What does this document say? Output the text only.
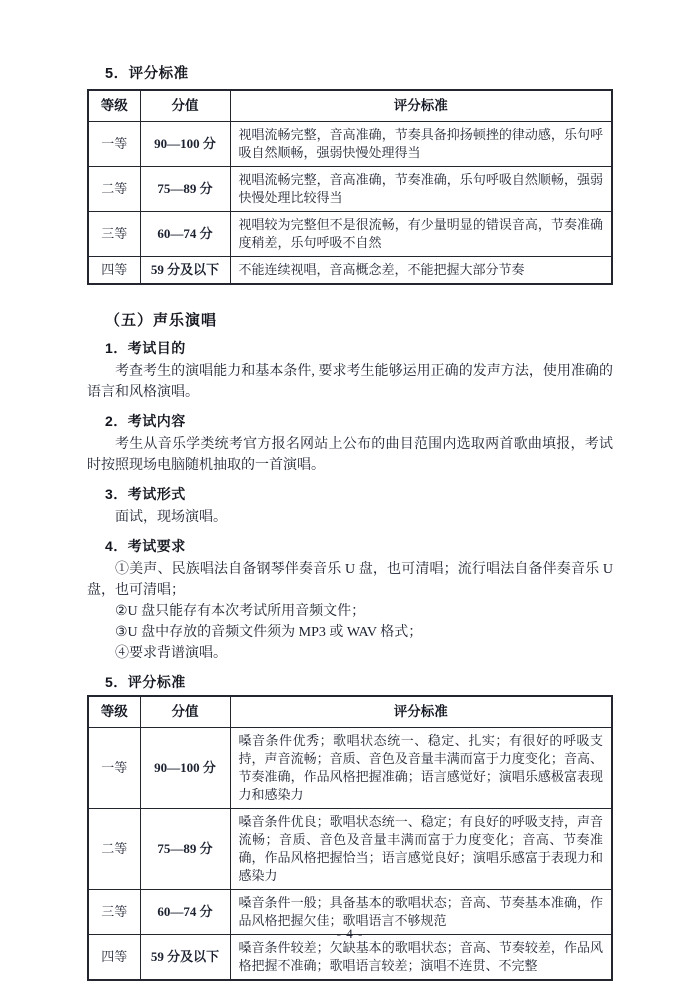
5．评分标准
等级	分值	评分标准
一等	90—100 分	视唱流畅完整，音高准确，节奏具备抑扬顿挫的律动感，乐句呼吸自然顺畅，强弱快慢处理得当
二等	75—89 分	视唱流畅完整，音高准确，节奏准确，乐句呼吸自然顺畅，强弱快慢处理比较得当
三等	60—74 分	视唱较为完整但不是很流畅，有少量明显的错误音高，节奏准确度稍差，乐句呼吸不自然
四等	59 分及以下	不能连续视唱，音高概念差，不能把握大部分节奏
（五）声乐演唱
1．考试目的

考查考生的演唱能力和基本条件, 要求考生能够运用正确的发声方法，使用准确的语言和风格演唱。

2．考试内容

考生从音乐学类统考官方报名网站上公布的曲目范围内选取两首歌曲填报，考试时按照现场电脑随机抽取的一首演唱。

3．考试形式

面试，现场演唱。

4．考试要求

①美声、民族唱法自备钢琴伴奏音乐 U 盘，也可清唱；流行唱法自备伴奏音乐 U 盘，也可清唱；

②U 盘只能存有本次考试所用音频文件；

③U 盘中存放的音频文件须为 MP3 或 WAV 格式；

④要求背谱演唱。

5．评分标准
等级	分值	评分标准
一等	90—100 分	嗓音条件优秀；歌唱状态统一、稳定、扎实；有很好的呼吸支持，声音流畅；音质、音色及音量丰满而富于力度变化；音高、节奏准确，作品风格把握准确；语言感觉好；演唱乐感极富表现力和感染力
二等	75—89 分	嗓音条件优良；歌唱状态统一、稳定；有良好的呼吸支持，声音流畅；音质、音色及音量丰满而富于力度变化；音高、节奏准确，作品风格把握恰当；语言感觉良好；演唱乐感富于表现力和感染力
三等	60—74 分	嗓音条件一般；具备基本的歌唱状态；音高、节奏基本准确，作品风格把握欠佳；歌唱语言不够规范
四等	59 分及以下	嗓音条件较差；欠缺基本的歌唱状态；音高、节奏较差，作品风格把握不准确；歌唱语言较差；演唱不连贯、不完整
- 4 -
